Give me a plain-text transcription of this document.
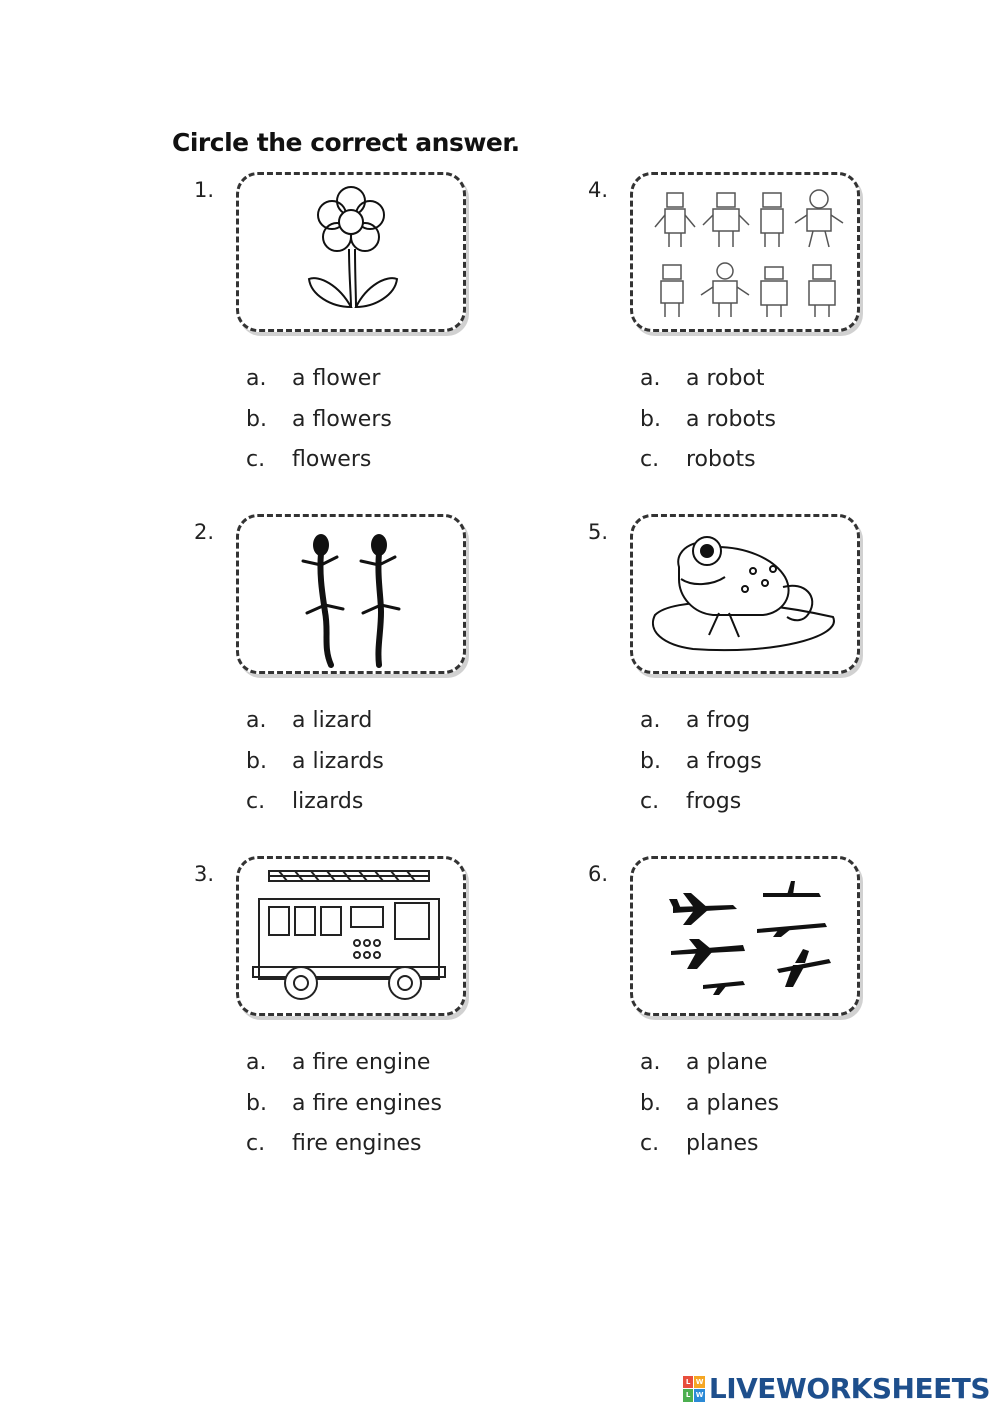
Circle the correct answer.
1.
a.	a flower
b.	a flowers
c.	flowers
2.
a.	a lizard
b.	a lizards
c.	lizards
3.
a.	a fire engine
b.	a fire engines
c.	fire engines
4.
a.	a robot
b.	a robots
c.	robots
5.
a.	a frog
b.	a frogs
c.	frogs
6.
a.	a plane
b.	a planes
c.	planes
L W
L W LIVEWORKSHEETS
